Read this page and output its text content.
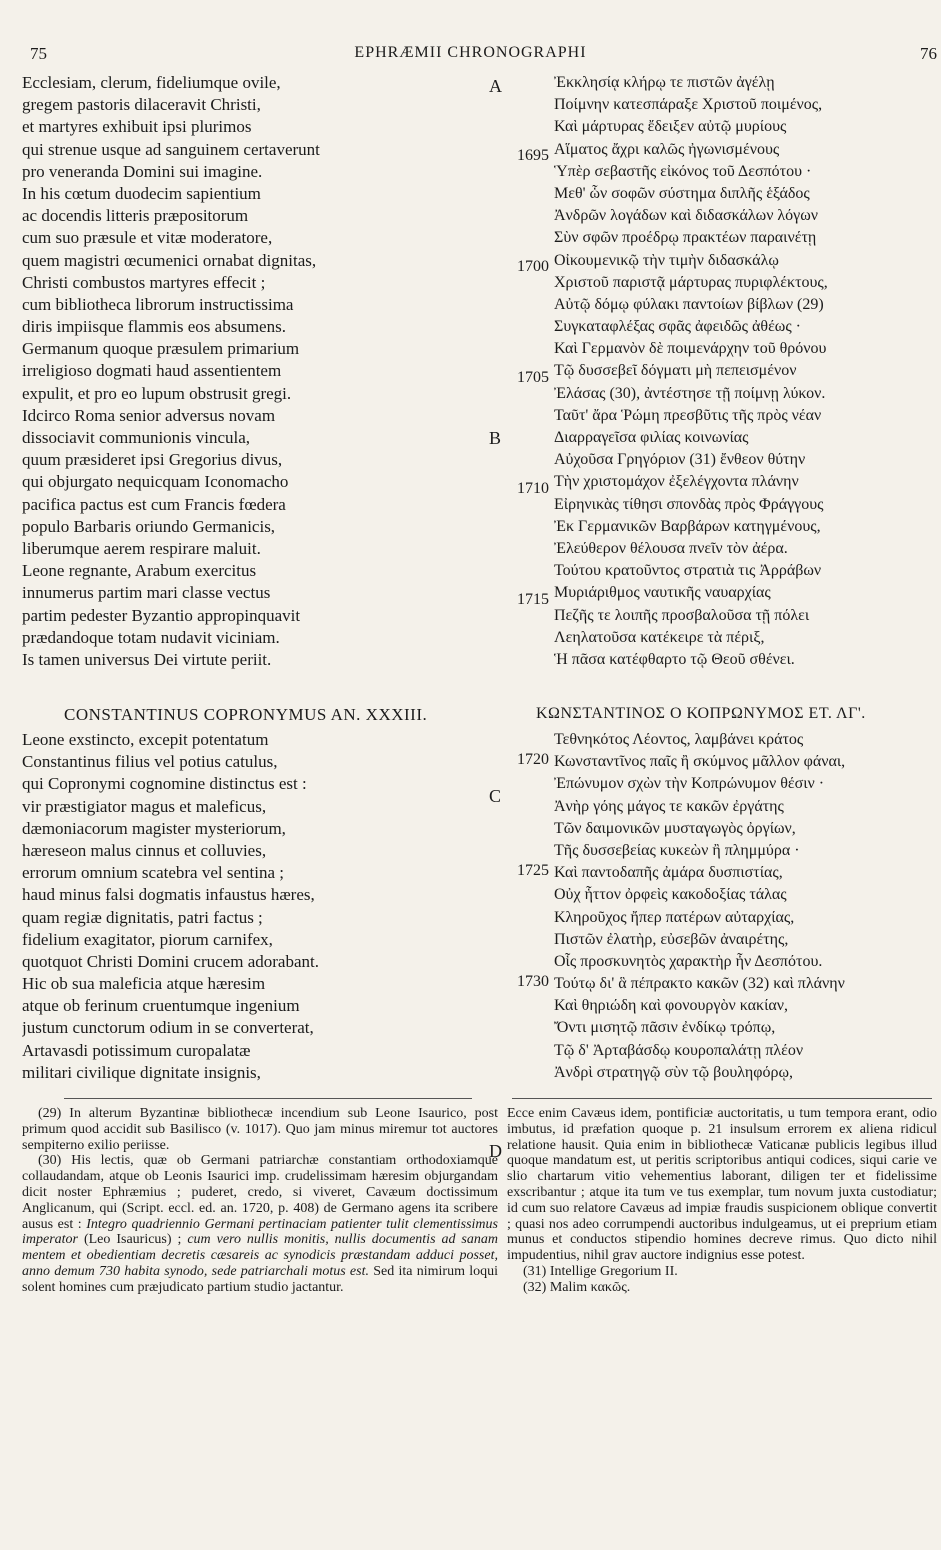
75	EPHRÆMII CHRONOGRAPHI	76
Ecclesiam, clerum, fideliumque ovile,
gregem pastoris dilaceravit Christi,
et martyres exhibuit ipsi plurimos
qui strenue usque ad sanguinem certaverunt
pro veneranda Domini sui imagine.
In his cœtum duodecim sapientium
ac docendis litteris præpositorum
cum suo præsule et vitæ moderatore,
quem magistri œcumenici ornabat dignitas,
Christi combustos martyres effecit ;
cum bibliotheca librorum instructissima
diris impiisque flammis eos absumens.
Germanum quoque præsulem primarium
irreligioso dogmati haud assentientem
expulit, et pro eo lupum obstrusit gregi.
Idcirco Roma senior adversus novam
dissociavit communionis vincula,
quum præsideret ipsi Gregorius divus,
qui objurgato nequicquam Iconomacho
pacifica pactus est cum Francis fœdera
populo Barbaris oriundo Germanicis,
liberumque aerem respirare maluit.
Leone regnante, Arabum exercitus
innumerus partim mari classe vectus
partim pedester Byzantio appropinquavit
prædandoque totam nudavit viciniam.
Is tamen universus Dei virtute periit.
Ἐκκλησίᾳ κλήρῳ τε πιστῶν ἀγέλῃ
Ποίμνην κατεσπάραξε Χριστοῦ ποιμένος,
Καὶ μάρτυρας ἔδειξεν αὐτῷ μυρίους
Αἵματος ἄχρι καλῶς ἠγωνισμένους
Ὑπὲρ σεβαστῆς εἰκόνος τοῦ Δεσπότου ·
Μεθ' ὧν σοφῶν σύστημα διπλῆς ἑξάδος
Ἀνδρῶν λογάδων καὶ διδασκάλων λόγων
Σὺν σφῶν προέδρῳ πρακτέων παραινέτῃ
Οἰκουμενικῷ τὴν τιμὴν διδασκάλῳ
Χριστοῦ παριστᾷ μάρτυρας πυριφλέκτους,
Αὐτῷ δόμῳ φύλακι παντοίων βίβλων (29)
Συγκαταφλέξας σφᾶς ἀφειδῶς ἀθέως ·
Καὶ Γερμανὸν δὲ ποιμενάρχην τοῦ θρόνου
Τῷ δυσσεβεῖ δόγματι μὴ πεπεισμένον
Ἐλάσας (30), ἀντέστησε τῇ ποίμνῃ λύκον.
Ταῦτ' ἄρα Ῥώμη πρεσβῦτις τῆς πρὸς νέαν
Διαρραγεῖσα φιλίας κοινωνίας
Αὐχοῦσα Γρηγόριον (31) ἔνθεον θύτην
Τὴν χριστομάχον ἐξελέγχοντα πλάνην
Εἰρηνικὰς τίθησι σπονδὰς πρὸς Φράγγους
Ἐκ Γερμανικῶν Βαρβάρων κατηγμένους,
Ἐλεύθερον θέλουσα πνεῖν τὸν ἀέρα.
Τούτου κρατοῦντος στρατιὰ τις Ἀρράβων
Μυριάριθμος ναυτικῆς ναυαρχίας
Πεζῆς τε λοιπῆς προσβαλοῦσα τῇ πόλει
Λεηλατοῦσα κατέκειρε τὰ πέριξ,
Ἡ πᾶσα κατέφθαρτο τῷ Θεοῦ σθένει.
CONSTANTINUS COPRONYMUS AN. XXXIII.	ΚΩΝΣΤΑΝΤΙΝΟΣ Ο ΚΟΠΡΩΝΥΜΟΣ ΕΤ. ΛΓ'.
Leone exstincto, excepit potentatum
Constantinus filius vel potius catulus,
qui Copronymi cognomine distinctus est :
vir præstigiator magus et maleficus,
dæmoniacorum magister mysteriorum,
hæreseon malus cinnus et colluvies,
errorum omnium scatebra vel sentina ;
haud minus falsi dogmatis infaustus hæres,
quam regiæ dignitatis, patri factus ;
fidelium exagitator, piorum carnifex,
quotquot Christi Domini crucem adorabant.
Hic ob sua maleficia atque hæresim
atque ob ferinum cruentumque ingenium
justum cunctorum odium in se converterat,
Artavasdi potissimum curopalatæ
militari civilique dignitate insignis,
Τεθνηκότος Λέοντος, λαμβάνει κράτος
Κωνσταντῖνος παῖς ἢ σκύμνος μᾶλλον φάναι,
Ἐπώνυμον σχὼν τὴν Κοπρώνυμον θέσιν ·
Ἀνὴρ γόης μάγος τε κακῶν ἐργάτης
Τῶν δαιμονικῶν μυσταγωγὸς ὀργίων,
Τῆς δυσσεβείας κυκεὼν ἢ πλημμύρα ·
Καὶ παντοδαπῆς ἀμάρα δυσπιστίας,
Οὐχ ἧττον ὀρφεὶς κακοδοξίας τάλας
Κληροῦχος ἤπερ πατέρων αὐταρχίας,
Πιστῶν ἐλατὴρ, εὐσεβῶν ἀναιρέτης,
Οἷς προσκυνητὸς χαρακτὴρ ἦν Δεσπότου.
Τούτῳ δι' ἃ πέπρακτο κακῶν (32) καὶ πλάνην
Καὶ θηριώδη καὶ φονουργὸν κακίαν,
Ὄντι μισητῷ πᾶσιν ἐνδίκῳ τρόπῳ,
Τῷ δ' Ἀρταβάσδῳ κουροπαλάτῃ πλέον
Ἀνδρὶ στρατηγῷ σὺν τῷ βουληφόρῳ,
1695
1700
1705
1710
1715
1720
1725
1730
A
B
C
D

(29) In alterum Byzantinæ bibliothecæ incendium sub Leone Isaurico, post primum quod accidit sub Basilisco (v. 1017). Quo jam minus miremur tot auctores sempiterno exilio periisse.

(30) His lectis, quæ ob Germani patriarchæ constantiam orthodoxiamque collaudandam, atque ob Leonis Isaurici imp. crudelissimam hæresim objurgandam dicit noster Ephræmius ; puderet, credo, si viveret, Cavæum doctissimum Anglicanum, qui (Script. eccl. ed. an. 1720, p. 408) de Germano agens ita scribere ausus est : Integro quadriennio Germani pertinaciam patienter tulit clementissimus imperator (Leo Isauricus) ; cum vero nullis monitis, nullis documentis ad sanam mentem et obedientiam decretis cæsareis ac synodicis præstandam adduci posset, anno demum 730 habita synodo, sede patriarchali motus est. Sed ita nimirum loqui solent homines cum præjudicato partium studio jactantur.

Ecce enim Cavæus idem, pontificiæ auctoritatis, u tum tempora erant, odio imbutus, id præfation quoque p. 21 insulsum errorem ex aliena ridicul relatione hausit. Quia enim in bibliothecæ Vaticanæ publicis legibus illud quoque mandatum est, ut peritis scriptoribus antiqui codices, siqui carie ve slio chartarum vitio vehementius laborant, diligen ter et fidelissime exscribantur ; atque ita tum ve tus exemplar, tum novum juxta custodiatur; id cum suo relatore Cavæus ad impiæ fraudis suspicionem oblique convertit ; quasi nos adeo corrumpendi auctoribus indulgeamus, ut ei preprium etiam munus et conductos stipendio homines decreve rimus. Quo dicto nihil impudentius, nihil grav auctore indignius esse potest.

(31) Intellige Gregorium II.

(32) Malim κακῶς.
